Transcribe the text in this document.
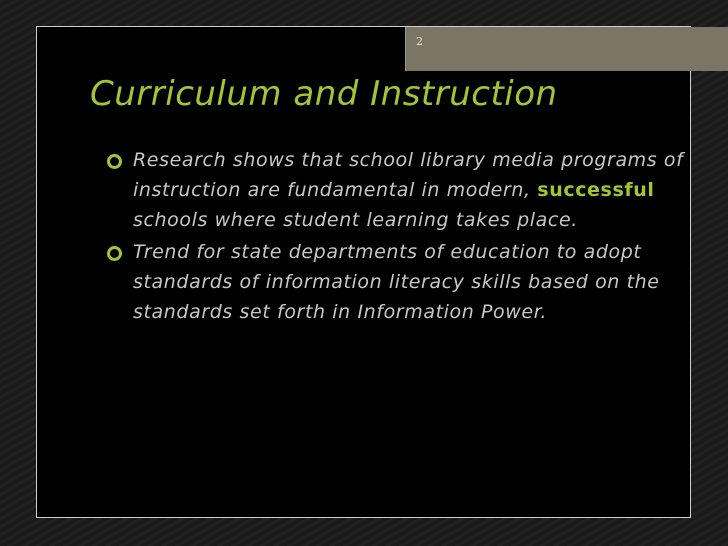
2
Curriculum and Instruction
Research shows that school library media programs of instruction are fundamental in modern, successful schools where student learning takes place.
Trend for state departments of education to adopt standards of information literacy skills based on the standards set forth in Information Power.
